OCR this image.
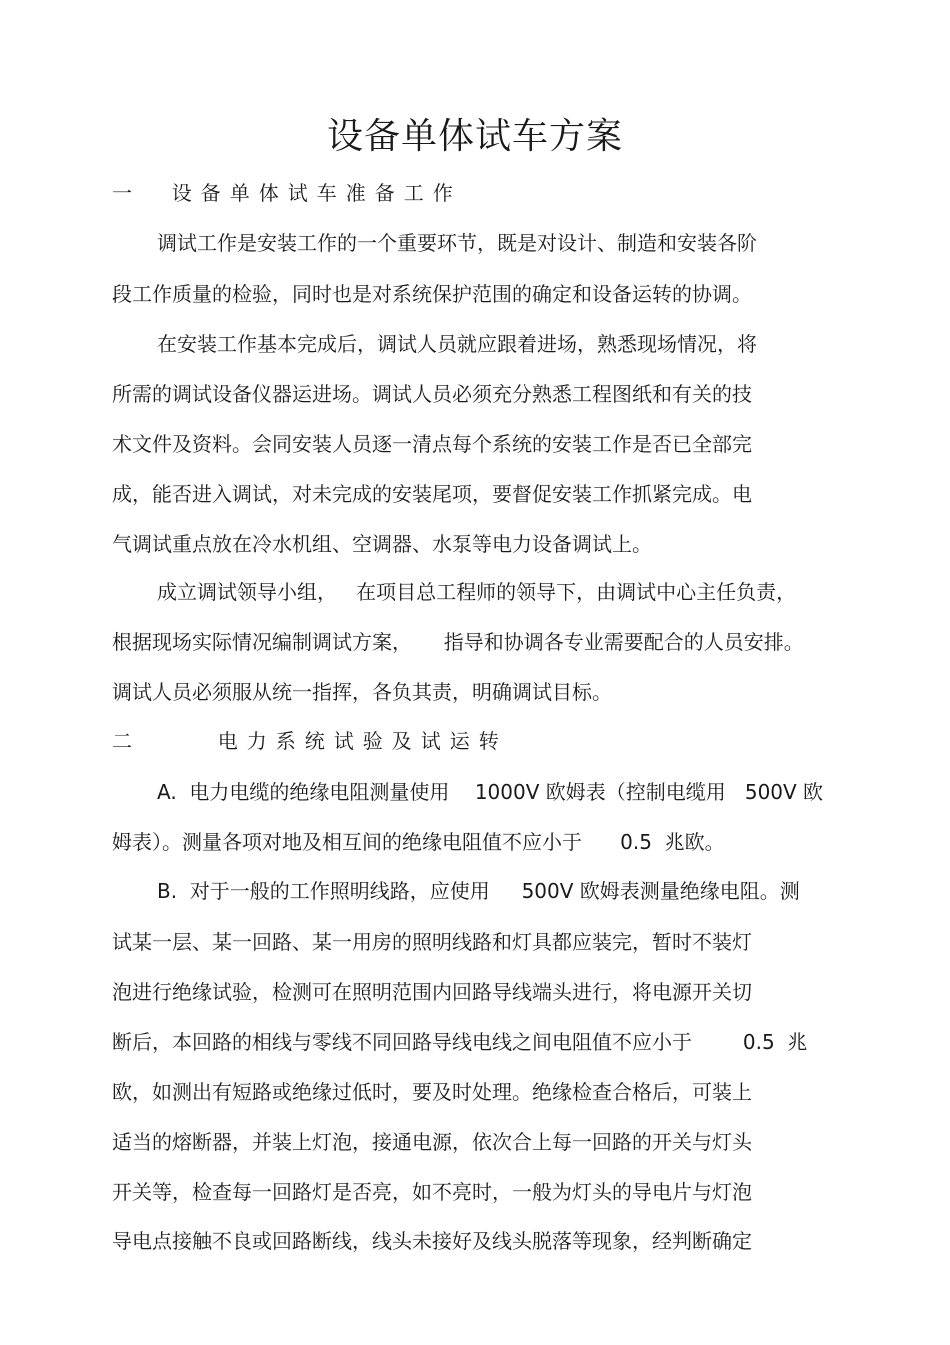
设备单体试车方案
一  设备单体试车准备工作
调试工作是安装工作的一个重要环节，既是对设计、制造和安装各阶
段工作质量的检验，同时也是对系统保护范围的确定和设备运转的协调。
在安装工作基本完成后，调试人员就应跟着进场，熟悉现场情况，将
所需的调试设备仪器运进场。调试人员必须充分熟悉工程图纸和有关的技
术文件及资料。会同安装人员逐一清点每个系统的安装工作是否已全部完
成，能否进入调试，对未完成的安装尾项，要督促安装工作抓紧完成。电
气调试重点放在冷水机组、空调器、水泵等电力设备调试上。
成立调试领导小组，   在项目总工程师的领导下，由调试中心主任负责，
根据现场实际情况编制调试方案，     指导和协调各专业需要配合的人员安排。
调试人员必须服从统一指挥，各负其责，明确调试目标。
二     电力系统试验及试运转
A.  电力电缆的绝缘电阻测量使用    1000V 欧姆表（控制电缆用   500V 欧
姆表）。测量各项对地及相互间的绝缘电阻值不应小于      0.5  兆欧。
B.  对于一般的工作照明线路，应使用     500V 欧姆表测量绝缘电阻。测
试某一层、某一回路、某一用房的照明线路和灯具都应装完，暂时不装灯
泡进行绝缘试验，检测可在照明范围内回路导线端头进行，将电源开关切
断后，本回路的相线与零线不同回路导线电线之间电阻值不应小于        0.5  兆
欧，如测出有短路或绝缘过低时，要及时处理。绝缘检查合格后，可装上
适当的熔断器，并装上灯泡，接通电源，依次合上每一回路的开关与灯头
开关等，检查每一回路灯是否亮，如不亮时，一般为灯头的导电片与灯泡
导电点接触不良或回路断线，线头未接好及线头脱落等现象，经判断确定
